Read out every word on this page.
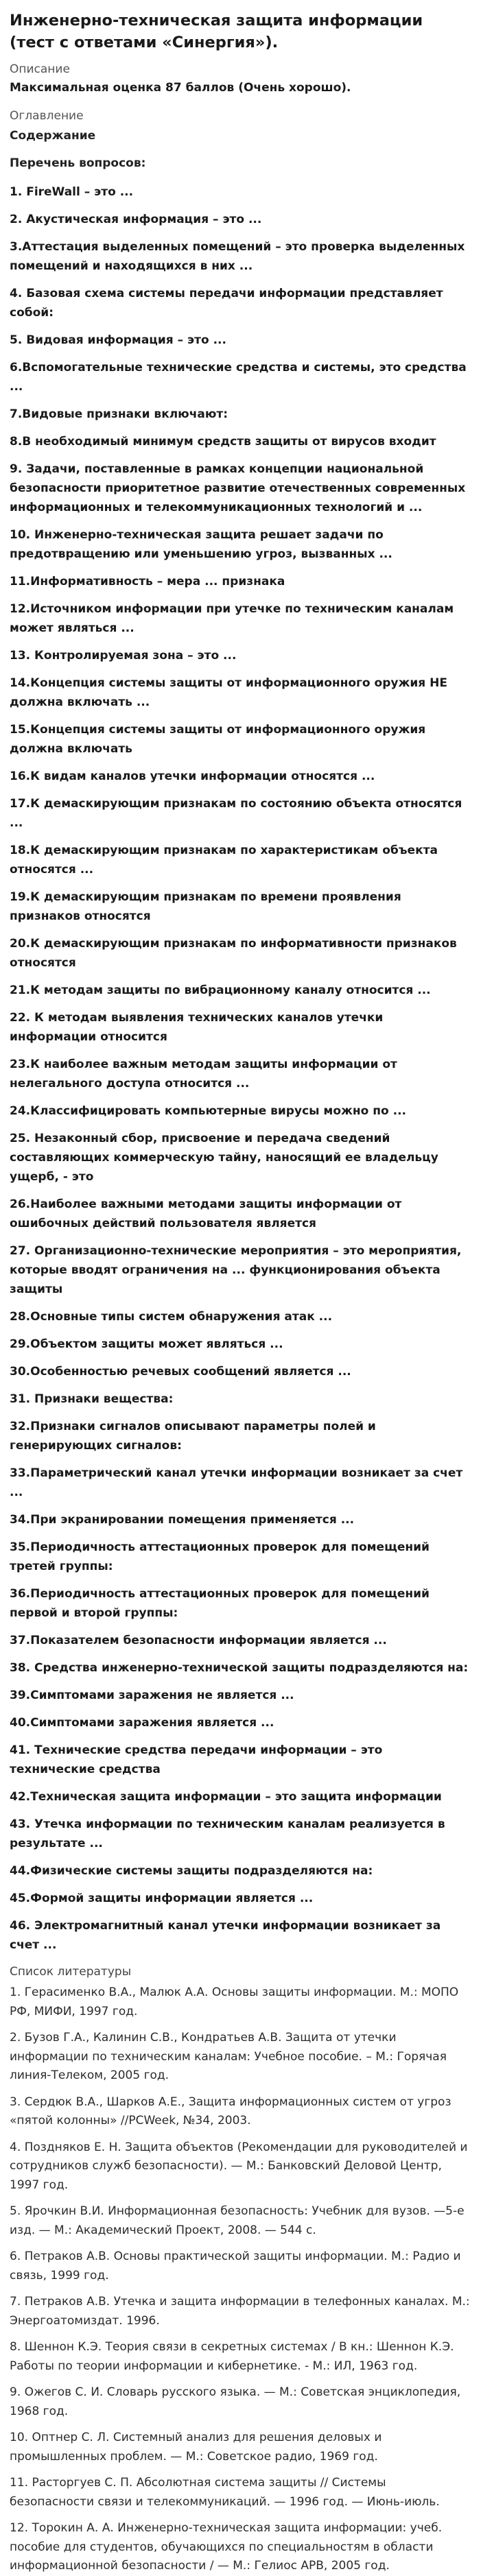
Инженерно-техническая защита информации (тест с ответами «Синергия»).
Описание
Максимальная оценка 87 баллов (Очень хорошо).
Оглавление
Содержание
Перечень вопросов:
1. FireWall – это ...
2. Акустическая информация – это ...
3.Аттестация выделенных помещений – это проверка выделенных помещений и находящихся в них ...
4. Базовая схема системы передачи информации представляет собой:
5. Видовая информация – это ...
6.Вспомогательные технические средства и системы, это средства ...
7.Видовые признаки включают:
8.В необходимый минимум средств защиты от вирусов входит
9. Задачи, поставленные в рамках концепции национальной безопасности приоритетное развитие отечественных современных информационных и телекоммуникационных технологий и ...
10. Инженерно-техническая защита решает задачи по предотвращению или уменьшению угроз, вызванных ...
11.Информативность – мера ... признака
12.Источником информации при утечке по техническим каналам может являться ...
13. Контролируемая зона – это ...
14.Концепция системы защиты от информационного оружия НЕ должна включать ...
15.Концепция системы защиты от информационного оружия должна включать
16.К видам каналов утечки информации относятся ...
17.К демаскирующим признакам по состоянию объекта относятся ...
18.К демаскирующим признакам по характеристикам объекта относятся ...
19.К демаскирующим признакам по времени проявления признаков относятся
20.К демаскирующим признакам по информативности признаков относятся
21.К методам защиты по вибрационному каналу относится ...
22. К методам выявления технических каналов утечки информации относится
23.К наиболее важным методам защиты информации от нелегального доступа относится ...
24.Классифицировать компьютерные вирусы можно по ...
25. Незаконный сбор, присвоение и передача сведений составляющих коммерческую тайну, наносящий ее владельцу ущерб, - это
26.Наиболее важными методами защиты информации от ошибочных действий пользователя является
27. Организационно-технические мероприятия – это мероприятия, которые вводят ограничения на ... функционирования объекта защиты
28.Основные типы систем обнаружения атак ...
29.Объектом защиты может являться ...
30.Особенностью речевых сообщений является ...
31. Признаки вещества:
32.Признаки сигналов описывают параметры полей и генерирующих сигналов:
33.Параметрический канал утечки информации возникает за счет ...
34.При экранировании помещения применяется ...
35.Периодичность аттестационных проверок для помещений третей группы:
36.Периодичность аттестационных проверок для помещений первой и второй группы:
37.Показателем безопасности информации является ...
38. Средства инженерно-технической защиты подразделяются на:
39.Симптомами заражения не является ...
40.Симптомами заражения является ...
41. Технические средства передачи информации – это технические средства
42.Техническая защита информации – это защита информации
43. Утечка информации по техническим каналам реализуется в результате ...
44.Физические системы защиты подразделяются на:
45.Формой защиты информации является ...
46. Электромагнитный канал утечки информации возникает за счет ...
Список литературы
1. Герасименко В.А., Малюк А.А. Основы защиты информации. М.: МОПО РФ, МИФИ, 1997 год.
2. Бузов Г.А., Калинин С.В., Кондратьев А.В. Защита от утечки информации по техническим каналам: Учебное пособие. – М.: Горячая линия-Телеком, 2005 год.
3. Сердюк В.А., Шарков А.Е., Защита информационных систем от угроз «пятой колонны» //PCWeek, №34, 2003.
4. Поздняков Е. Н. Защита объектов (Рекомендации для руководителей и сотрудников служб безопасности). — М.: Банковский Деловой Центр, 1997 год.
5. Ярочкин В.И. Информационная безопасность: Учебник для вузов. —5-е изд. — М.: Академический Проект, 2008. — 544 с.
6. Петраков А.В. Основы практической защиты информации. М.: Радио и связь, 1999 год.
7. Петраков А.В. Утечка и защита информации в телефонных каналах. М.: Энергоатомиздат. 1996.
8. Шеннон К.Э. Теория связи в секретных системах / В кн.: Шеннон К.Э. Работы по теории информации и кибернетике. - М.: ИЛ, 1963 год.
9. Ожегов С. И. Словарь русского языка. — М.: Советская энциклопедия, 1968 год.
10. Оптнер С. Л. Системный анализ для решения деловых и промышленных проблем. — М.: Советское радио, 1969 год.
11. Расторгуев С. П. Абсолютная система защиты // Системы безопасности связи и телекоммуникаций. — 1996 год. — Июнь-июль.
12. Торокин А. А. Инженерно-техническая защита информации: учеб. пособие для студентов, обучающихся по специальностям в области информационной безопасности / — М.: Гелиос АРВ, 2005 год.
